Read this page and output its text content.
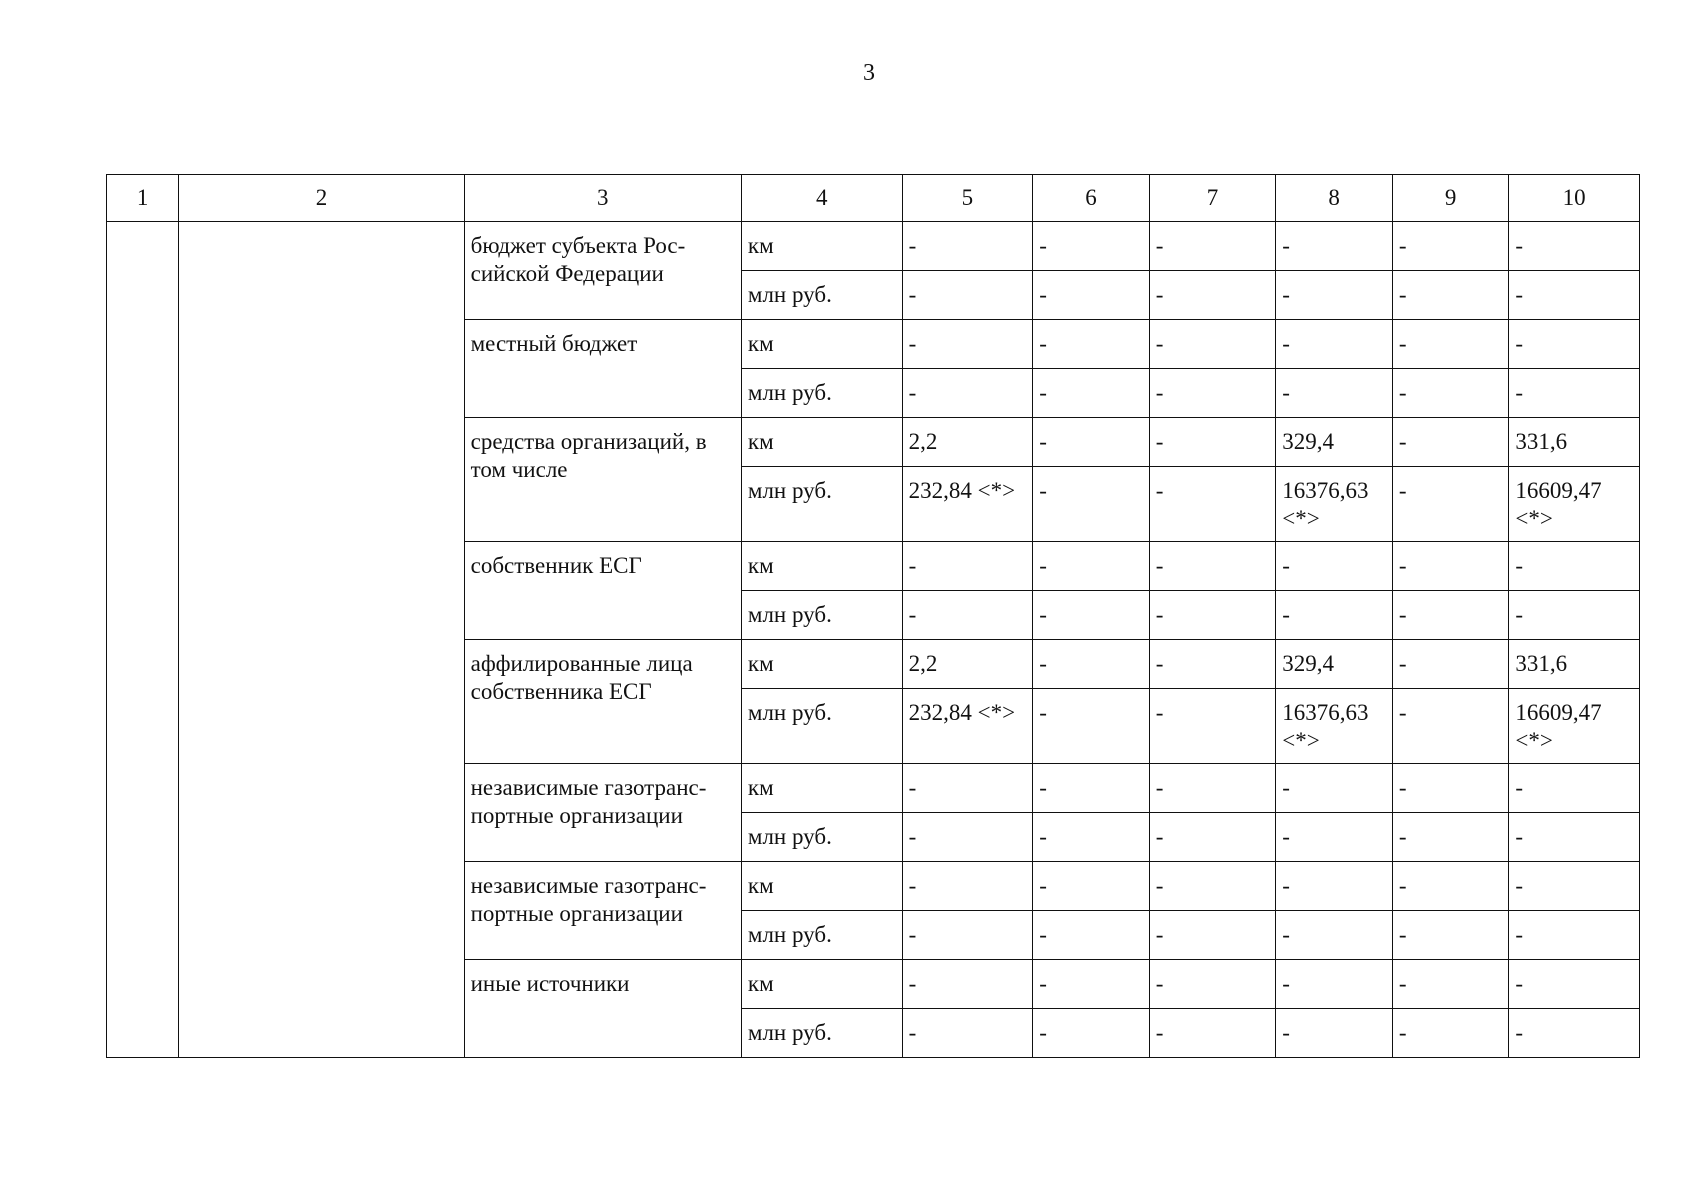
3
1	2	3	4	5	6	7	8	9	10
		бюджет субъекта Рос-сийской Федерации	км	-	-	-	-	-	-
			млн руб.	-	-	-	-	-	-
		местный бюджет	км	-	-	-	-	-	-
			млн руб.	-	-	-	-	-	-
		средства организаций, в том числе	км	2,2	-	-	329,4	-	331,6
			млн руб.	232,84 <*>	-	-	16376,63 <*>	-	16609,47 <*>
		собственник ЕСГ	км	-	-	-	-	-	-
			млн руб.	-	-	-	-	-	-
		аффилированные лица собственника ЕСГ	км	2,2	-	-	329,4	-	331,6
			млн руб.	232,84 <*>	-	-	16376,63 <*>	-	16609,47 <*>
		независимые газотранс-портные организации	км	-	-	-	-	-	-
			млн руб.	-	-	-	-	-	-
		независимые газотранс-портные организации	км	-	-	-	-	-	-
			млн руб.	-	-	-	-	-	-
		иные источники	км	-	-	-	-	-	-
			млн руб.	-	-	-	-	-	-
